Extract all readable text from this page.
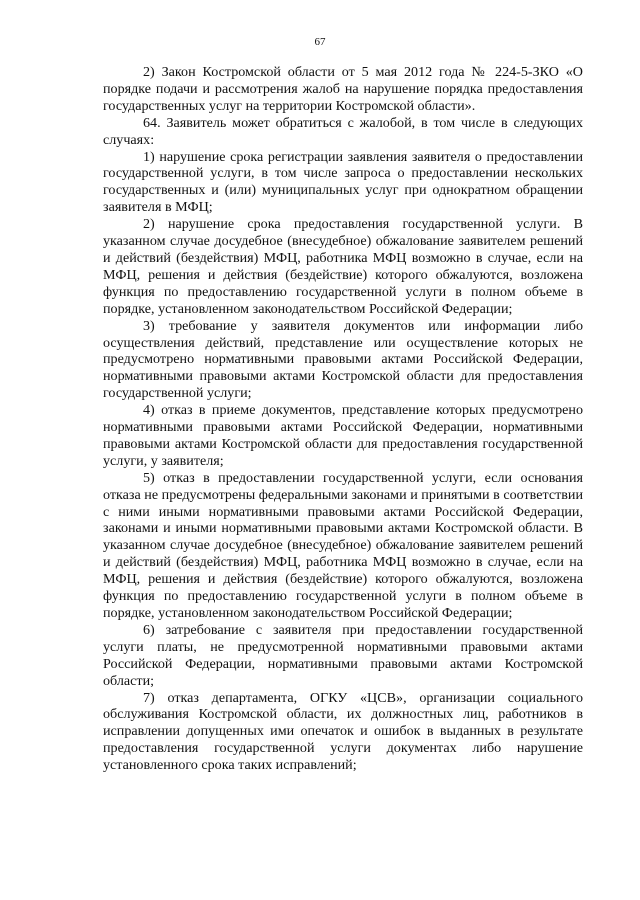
67

2) Закон Костромской области от 5 мая 2012 года № 224-5-ЗКО «О порядке подачи и рассмотрения жалоб на нарушение порядка предоставления государственных услуг на территории Костромской области».

64. Заявитель может обратиться с жалобой, в том числе в следующих случаях:

1) нарушение срока регистрации заявления заявителя о предоставлении государственной услуги, в том числе запроса о предоставлении нескольких государственных и (или) муниципальных услуг при однократном обращении заявителя в МФЦ;

2) нарушение срока предоставления государственной услуги. В указанном случае досудебное (внесудебное) обжалование заявителем решений и действий (бездействия) МФЦ, работника МФЦ возможно в случае, если на МФЦ, решения и действия (бездействие) которого обжалуются, возложена функция по предоставлению государственной услуги в полном объеме в порядке, установленном законодательством Российской Федерации;

3) требование у заявителя документов или информации либо осуществления действий, представление или осуществление которых не предусмотрено нормативными правовыми актами Российской Федерации, нормативными правовыми актами Костромской области для предоставления государственной услуги;

4) отказ в приеме документов, представление которых предусмотрено нормативными правовыми актами Российской Федерации, нормативными правовыми актами Костромской области для предоставления государственной услуги, у заявителя;

5) отказ в предоставлении государственной услуги, если основания отказа не предусмотрены федеральными законами и принятыми в соответствии с ними иными нормативными правовыми актами Российской Федерации, законами и иными нормативными правовыми актами Костромской области. В указанном случае досудебное (внесудебное) обжалование заявителем решений и действий (бездействия) МФЦ, работника МФЦ возможно в случае, если на МФЦ, решения и действия (бездействие) которого обжалуются, возложена функция по предоставлению государственной услуги в полном объеме в порядке, установленном законодательством Российской Федерации;

6) затребование с заявителя при предоставлении государственной услуги платы, не предусмотренной нормативными правовыми актами Российской Федерации, нормативными правовыми актами Костромской области;

7) отказ департамента, ОГКУ «ЦСВ», организации социального обслуживания Костромской области, их должностных лиц, работников в исправлении допущенных ими опечаток и ошибок в выданных в результате предоставления государственной услуги документах либо нарушение установленного срока таких исправлений;
